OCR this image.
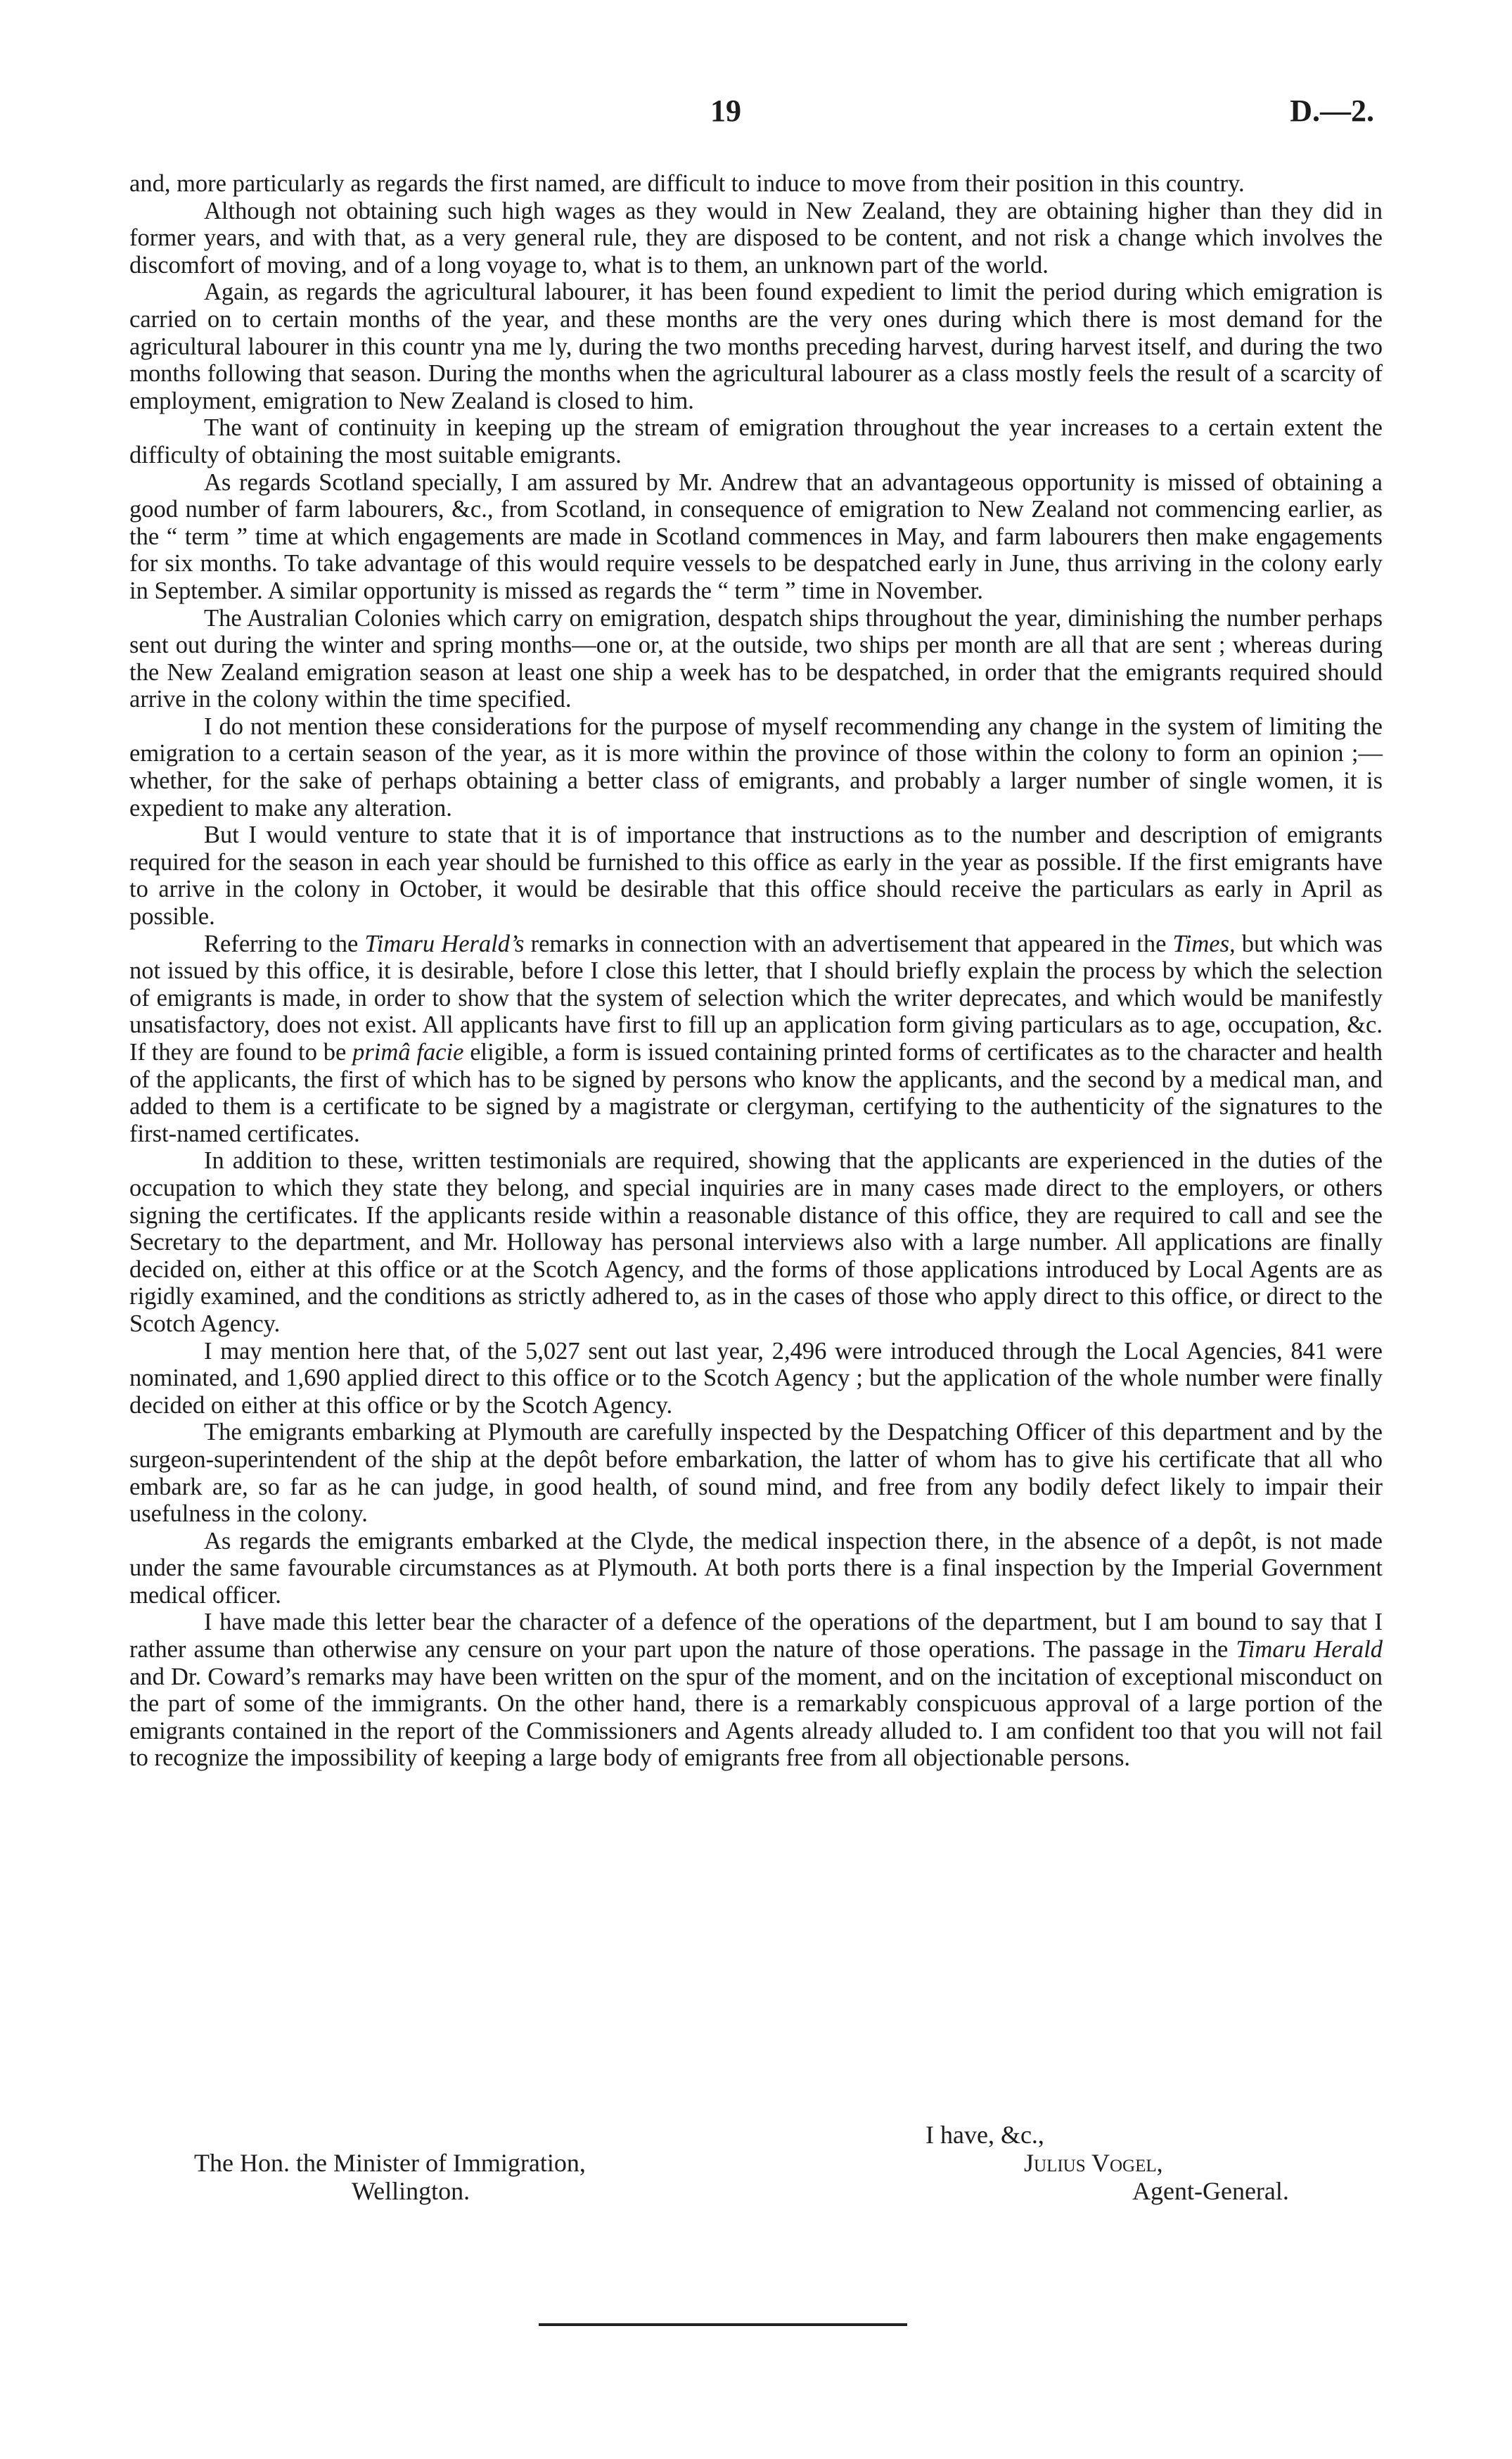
19	D.—2.

and, more particularly as regards the first named, are difficult to induce to move from their position in this country.

Although not obtaining such high wages as they would in New Zealand, they are obtaining higher than they did in former years, and with that, as a very general rule, they are disposed to be content, and not risk a change which involves the discomfort of moving, and of a long voyage to, what is to them, an unknown part of the world.

Again, as regards the agricultural labourer, it has been found expedient to limit the period during which emigration is carried on to certain months of the year, and these months are the very ones during which there is most demand for the agricultural labourer in this countr yna me ly, during the two months preceding harvest, during harvest itself, and during the two months following that season. During the months when the agricultural labourer as a class mostly feels the result of a scarcity of employment, emigration to New Zealand is closed to him.

The want of continuity in keeping up the stream of emigration throughout the year increases to a certain extent the difficulty of obtaining the most suitable emigrants.

As regards Scotland specially, I am assured by Mr. Andrew that an advantageous opportunity is missed of obtaining a good number of farm labourers, &c., from Scotland, in consequence of emigration to New Zealand not commencing earlier, as the “ term ” time at which engagements are made in Scotland commences in May, and farm labourers then make engagements for six months. To take advantage of this would require vessels to be despatched early in June, thus arriving in the colony early in September. A similar opportunity is missed as regards the “ term ” time in November.

The Australian Colonies which carry on emigration, despatch ships throughout the year, diminishing the number perhaps sent out during the winter and spring months—one or, at the outside, two ships per month are all that are sent ; whereas during the New Zealand emigration season at least one ship a week has to be despatched, in order that the emigrants required should arrive in the colony within the time specified.

I do not mention these considerations for the purpose of myself recommending any change in the system of limiting the emigration to a certain season of the year, as it is more within the province of those within the colony to form an opinion ;—whether, for the sake of perhaps obtaining a better class of emigrants, and probably a larger number of single women, it is expedient to make any alteration.

But I would venture to state that it is of importance that instructions as to the number and description of emigrants required for the season in each year should be furnished to this office as early in the year as possible. If the first emigrants have to arrive in the colony in October, it would be desirable that this office should receive the particulars as early in April as possible.

Referring to the Timaru Herald’s remarks in connection with an advertisement that appeared in the Times, but which was not issued by this office, it is desirable, before I close this letter, that I should briefly explain the process by which the selection of emigrants is made, in order to show that the system of selection which the writer deprecates, and which would be manifestly unsatisfactory, does not exist. All applicants have first to fill up an application form giving particulars as to age, occupation, &c. If they are found to be primâ facie eligible, a form is issued containing printed forms of certificates as to the character and health of the applicants, the first of which has to be signed by persons who know the applicants, and the second by a medical man, and added to them is a certificate to be signed by a magistrate or clergyman, certifying to the authenticity of the signatures to the first-named certificates.

In addition to these, written testimonials are required, showing that the applicants are experienced in the duties of the occupation to which they state they belong, and special inquiries are in many cases made direct to the employers, or others signing the certificates. If the applicants reside within a reasonable distance of this office, they are required to call and see the Secretary to the department, and Mr. Holloway has personal interviews also with a large number. All applications are finally decided on, either at this office or at the Scotch Agency, and the forms of those applications introduced by Local Agents are as rigidly examined, and the conditions as strictly adhered to, as in the cases of those who apply direct to this office, or direct to the Scotch Agency.

I may mention here that, of the 5,027 sent out last year, 2,496 were introduced through the Local Agencies, 841 were nominated, and 1,690 applied direct to this office or to the Scotch Agency ; but the application of the whole number were finally decided on either at this office or by the Scotch Agency.

The emigrants embarking at Plymouth are carefully inspected by the Despatching Officer of this department and by the surgeon-superintendent of the ship at the depôt before embarkation, the latter of whom has to give his certificate that all who embark are, so far as he can judge, in good health, of sound mind, and free from any bodily defect likely to impair their usefulness in the colony.

As regards the emigrants embarked at the Clyde, the medical inspection there, in the absence of a depôt, is not made under the same favourable circumstances as at Plymouth. At both ports there is a final inspection by the Imperial Government medical officer.

I have made this letter bear the character of a defence of the operations of the department, but I am bound to say that I rather assume than otherwise any censure on your part upon the nature of those operations. The passage in the Timaru Herald and Dr. Coward’s remarks may have been written on the spur of the moment, and on the incitation of exceptional misconduct on the part of some of the immigrants. On the other hand, there is a remarkably conspicuous approval of a large portion of the emigrants contained in the report of the Commissioners and Agents already alluded to. I am confident too that you will not fail to recognize the impossibility of keeping a large body of emigrants free from all objectionable persons.

I have, &c.,
Julius Vogel,
Agent-General.
The Hon. the Minister of Immigration,
Wellington.
